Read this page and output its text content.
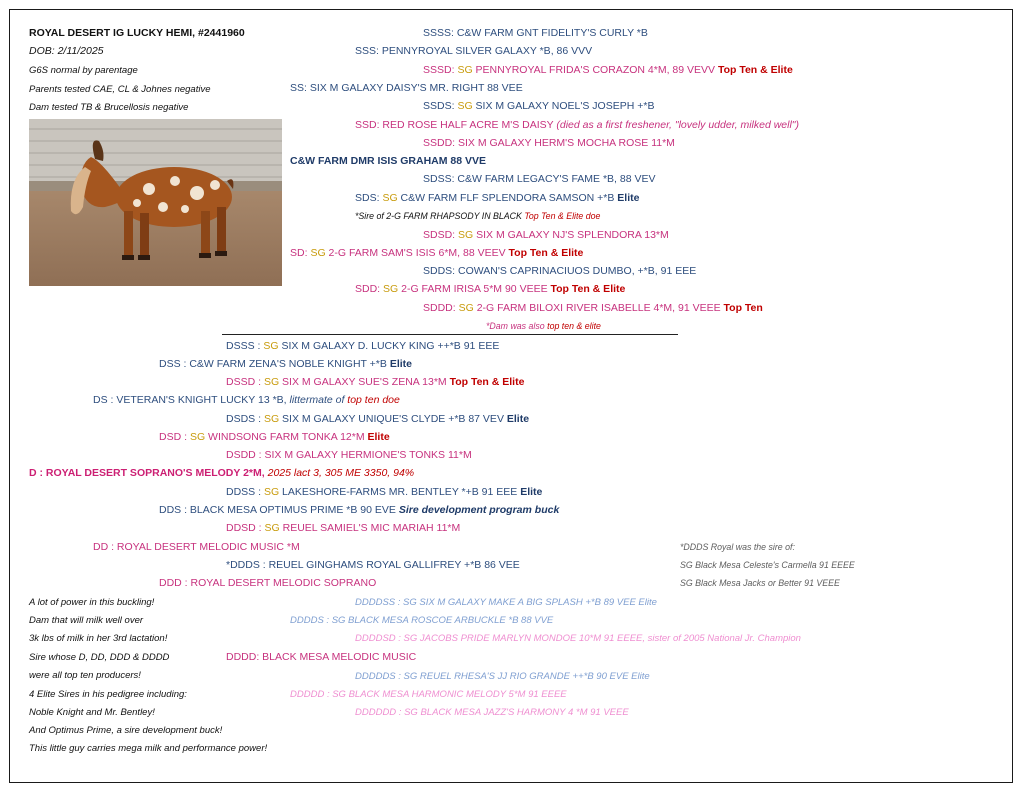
ROYAL DESERT IG LUCKY HEMI, #2441960
DOB: 2/11/2025
G6S normal by parentage
Parents tested CAE, CL & Johnes negative
Dam tested TB & Brucellosis negative
SSSS: C&W FARM GNT FIDELITY'S CURLY *B
SSS: PENNYROYAL SILVER GALAXY *B, 86 VVV
SSSD: SG PENNYROYAL FRIDA'S CORAZON 4*M, 89 VEVV Top Ten & Elite
SS: SIX M GALAXY DAISY'S MR. RIGHT 88 VEE
SSDS: SG SIX M GALAXY NOEL'S JOSEPH +*B
SSD: RED ROSE HALF ACRE M'S DAISY (died as a first freshener, "lovely udder, milked well")
SSDD: SIX M GALAXY HERM'S MOCHA ROSE 11*M
C&W FARM DMR ISIS GRAHAM 88 VVE
SDSS: C&W FARM LEGACY'S FAME *B, 88 VEV
SDS: SG C&W FARM FLF SPLENDORA SAMSON +*B Elite
*Sire of 2-G FARM RHAPSODY IN BLACK Top Ten & Elite doe
SDSD: SG SIX M GALAXY NJ'S SPLENDORA 13*M
SD: SG 2-G FARM SAM'S ISIS 6*M, 88 VEEV Top Ten & Elite
SDDS: COWAN'S CAPRINACIUOS DUMBO, +*B, 91 EEE
SDD: SG 2-G FARM IRISA 5*M 90 VEEE Top Ten & Elite
SDDD: SG 2-G FARM BILOXI RIVER ISABELLE 4*M, 91 VEEE Top Ten
*Dam was also top ten & elite
DSSS : SG SIX M GALAXY D. LUCKY KING ++*B 91 EEE
DSS : C&W FARM ZENA'S NOBLE KNIGHT +*B Elite
DSSD : SG SIX M GALAXY SUE'S ZENA 13*M Top Ten & Elite
DS : VETERAN'S KNIGHT LUCKY 13 *B, littermate of top ten doe
DSDS : SG SIX M GALAXY UNIQUE'S CLYDE +*B 87 VEV Elite
DSD : SG WINDSONG FARM TONKA 12*M Elite
DSDD : SIX M GALAXY HERMIONE'S TONKS 11*M
D : ROYAL DESERT SOPRANO'S MELODY 2*M, 2025 lact 3, 305 ME 3350, 94%
DDSS : SG LAKESHORE-FARMS MR. BENTLEY *+B 91 EEE Elite
DDS : BLACK MESA OPTIMUS PRIME *B 90 EVE Sire development program buck
DDSD : SG REUEL SAMIEL'S MIC MARIAH 11*M
DD : ROYAL DESERT MELODIC MUSIC *M
*DDDS : REUEL GINGHAMS ROYAL GALLIFREY +*B 86 VEE
DDD : ROYAL DESERT MELODIC SOPRANO
DDDD: BLACK MESA MELODIC MUSIC
DDDDSS : SG SIX M GALAXY MAKE A BIG SPLASH +*B 89 VEE Elite
DDDDS : SG BLACK MESA ROSCOE ARBUCKLE *B 88 VVE
DDDDSD : SG JACOBS PRIDE MARLYN MONDOE 10*M 91 EEEE, sister of 2005 National Jr. Champion
DDDDDS : SG REUEL RHESA'S JJ RIO GRANDE ++*B 90 EVE Elite
DDDDD : SG BLACK MESA HARMONIC MELODY 5*M 91 EEEE
DDDDDD : SG BLACK MESA JAZZ'S HARMONY 4 *M 91 VEEE
*DDDS Royal was the sire of:
SG Black Mesa Celeste's Carmella 91 EEEE
SG Black Mesa Jacks or Better 91 VEEE
A lot of power in this buckling!
Dam that will milk well over
3k lbs of milk in her 3rd lactation!
Sire whose D, DD, DDD & DDDD
were all top ten producers!
4 Elite Sires in his pedigree including:
Noble Knight and Mr. Bentley!
And Optimus Prime, a sire development buck!
This little guy carries mega milk and performance power!
